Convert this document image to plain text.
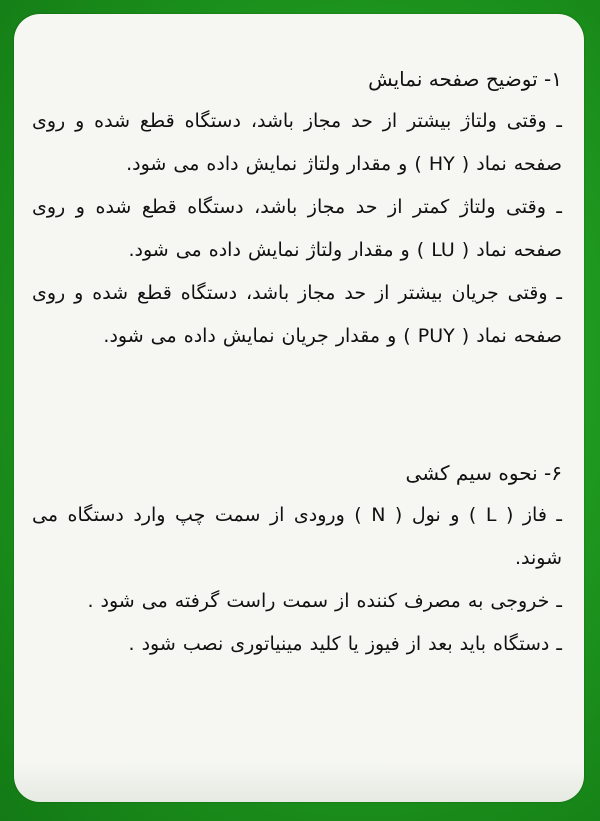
۱- توضیح صفحه نمایش

ـ وقتی ولتاژ بیشتر از حد مجاز باشد، دستگاه قطع شده و روی صفحه نماد ( HY ) و مقدار ولتاژ نمایش داده می شود.

ـ وقتی ولتاژ کمتر از حد مجاز باشد، دستگاه قطع شده و روی صفحه نماد ( LU ) و مقدار ولتاژ نمایش داده می شود.

ـ وقتی جریان بیشتر از حد مجاز باشد، دستگاه قطع شده و روی صفحه نماد ( PUY ) و مقدار جریان نمایش داده می شود.

۶- نحوه سیم کشی

ـ فاز ( L ) و نول ( N ) ورودی از سمت چپ وارد دستگاه می شوند.

ـ خروجی به مصرف کننده از سمت راست گرفته می شود .

ـ دستگاه باید بعد از فیوز یا کلید مینیاتوری نصب شود .
